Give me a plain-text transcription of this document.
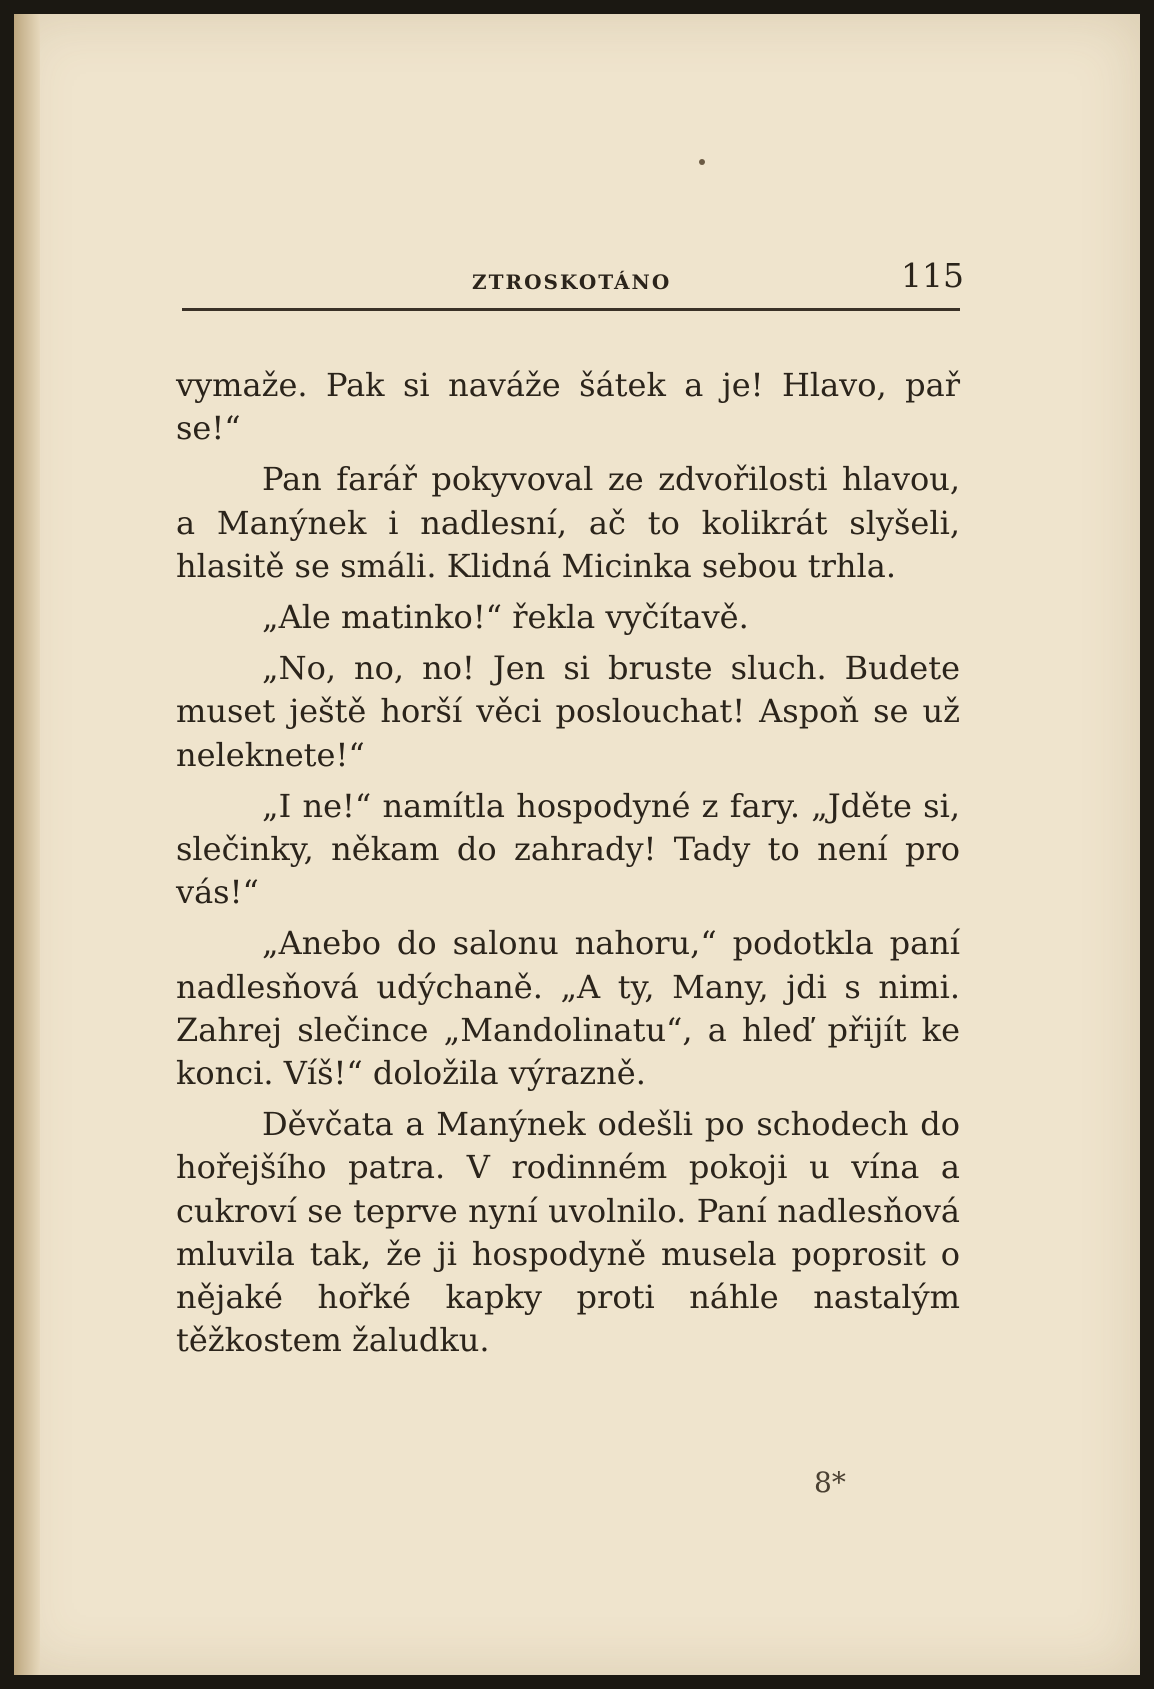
ZTROSKOTÁNO	115

vymaže. Pak si naváže šátek a je! Hlavo, pař se!“

Pan farář pokyvoval ze zdvořilosti hlavou, a Manýnek i nadlesní, ač to kolikrát slyšeli, hlasitě se smáli. Klidná Micinka sebou trhla.

„Ale matinko!“ řekla vyčítavě.

„No, no, no! Jen si bruste sluch. Budete muset ještě horší věci poslouchat! Aspoň se už neleknete!“

„I ne!“ namítla hospodyné z fary. „Jděte si, slečinky, někam do zahrady! Tady to není pro vás!“

„Anebo do salonu nahoru,“ podotkla paní nadlesňová udýchaně. „A ty, Many, jdi s nimi. Zahrej slečince „Mandolinatu“, a hleď přijít ke konci. Víš!“ doložila výrazně.

Děvčata a Manýnek odešli po schodech do hořejšího patra. V rodinném pokoji u vína a cukroví se teprve nyní uvolnilo. Paní nadlesňová mluvila tak, že ji hospodyně musela poprosit o nějaké hořké kapky proti náhle nastalým těžkostem žaludku.

8*
